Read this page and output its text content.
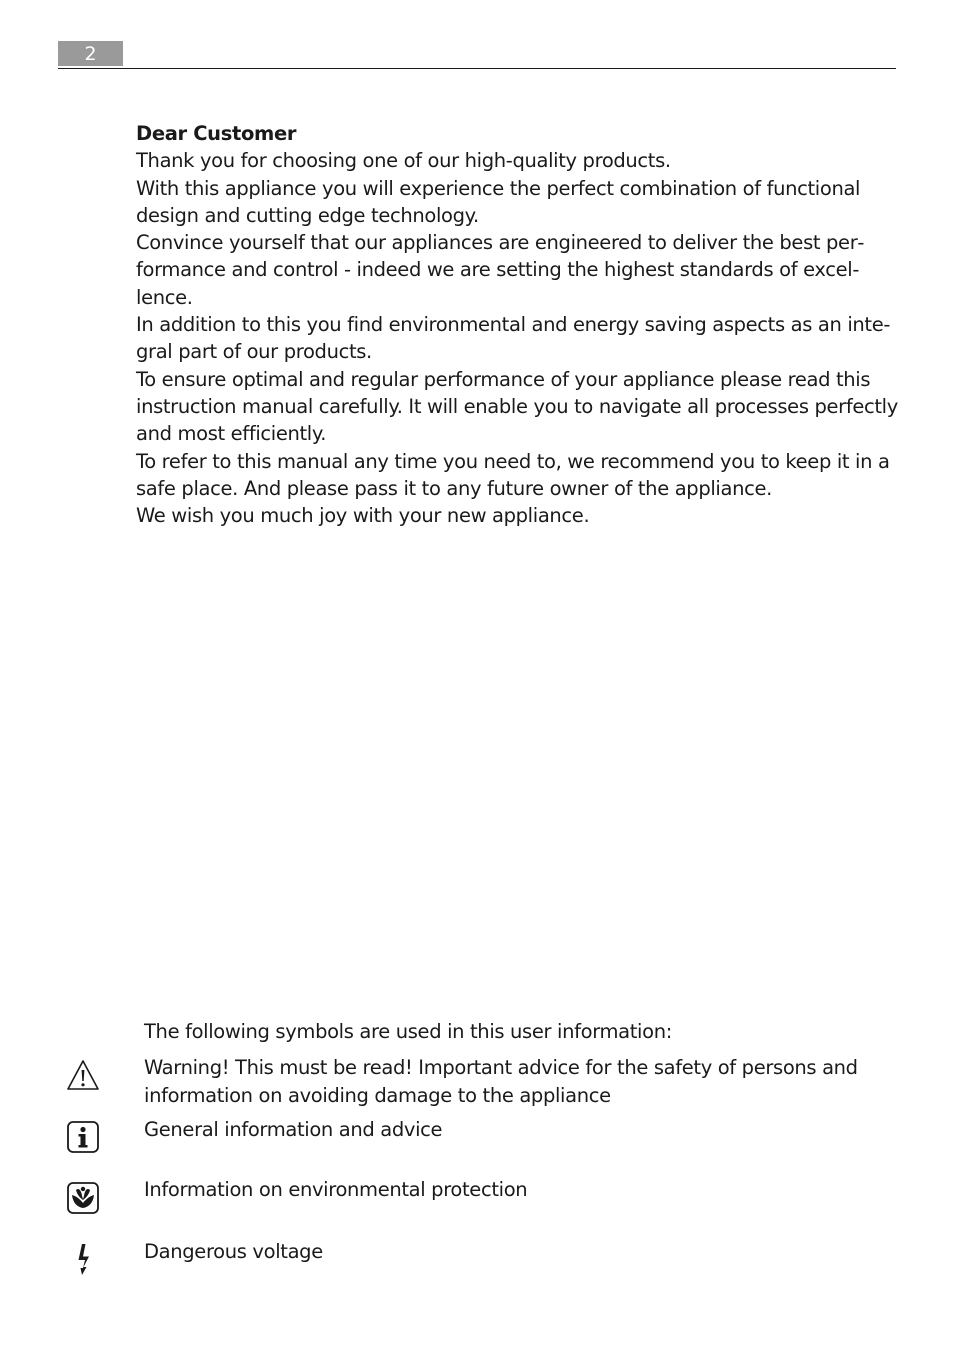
2

Dear Customer

Thank you for choosing one of our high-quality products.

With this appliance you will experience the perfect combination of functional design and cutting edge technology.

Convince yourself that our appliances are engineered to deliver the best performance and control - indeed we are setting the highest standards of excellence.

In addition to this you find environmental and energy saving aspects as an integral part of our products.

To ensure optimal and regular performance of your appliance please read this instruction manual carefully. It will enable you to navigate all processes perfectly and most efficiently.

To refer to this manual any time you need to, we recommend you to keep it in a safe place. And please pass it to any future owner of the appliance.

We wish you much joy with your new appliance.

The following symbols are used in this user information:
Warning! This must be read! Important advice for the safety of persons and information on avoiding damage to the appliance
General information and advice
Information on environmental protection
Dangerous voltage
